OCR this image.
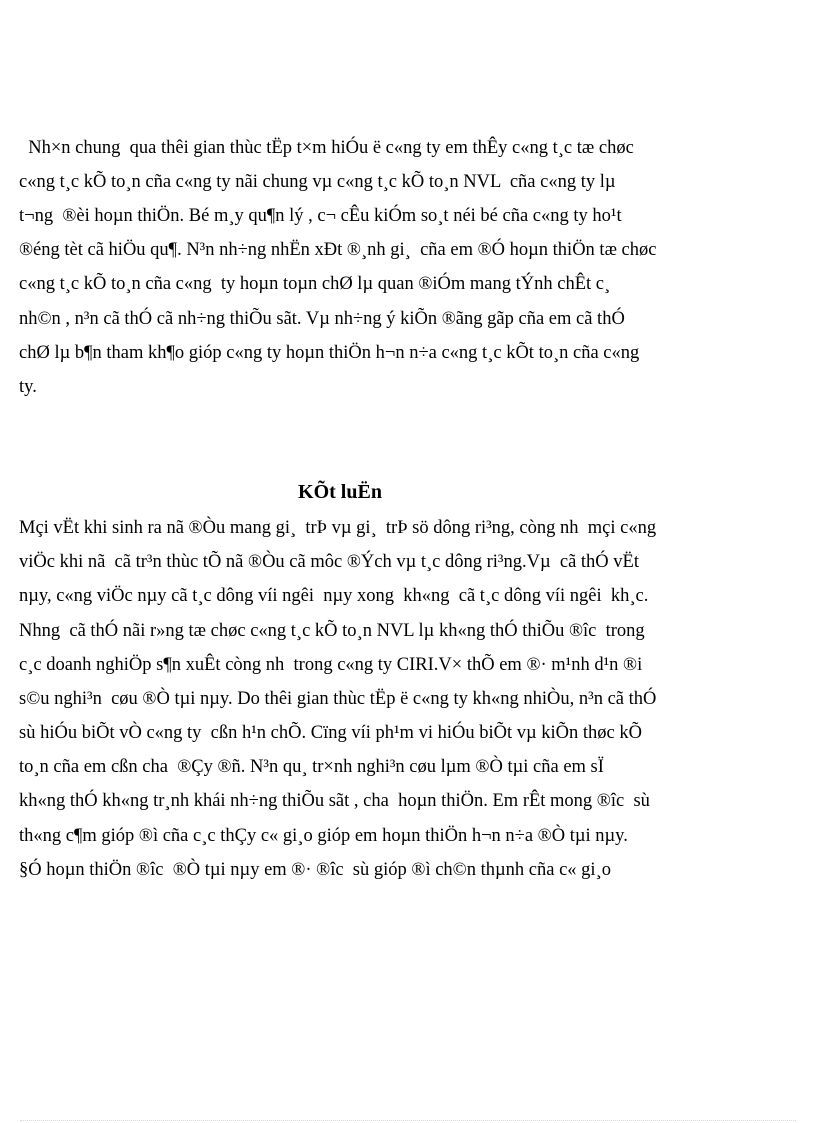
Nh×n chung  qua thêi gian thùc tËp t×m hiÓu ë c«ng ty em thÊy c«ng t¸c tæ chøc

c«ng t¸c kÕ to¸n cña c«ng ty nãi chung vµ c«ng t¸c kÕ to¸n NVL  cña c«ng ty lµ

t¬ng  ®èi hoµn thiÖn. Bé m¸y qu¶n lý , c¬ cÊu kiÓm so¸t néi bé cña c«ng ty ho¹t

®éng tèt cã hiÖu qu¶. N³n nh÷ng nhËn xÐt ®¸nh gi¸  cña em ®Ó hoµn thiÖn tæ chøc

c«ng t¸c kÕ to¸n cña c«ng  ty hoµn toµn chØ lµ quan ®iÓm mang tÝnh chÊt c¸

nh©n , n³n cã thÓ cã nh÷ng thiÕu sãt. Vµ nh÷ng ý kiÕn ®ãng gãp cña em cã thÓ

chØ lµ b¶n tham kh¶o gióp c«ng ty hoµn thiÖn h¬n n÷a c«ng t¸c kÕt to¸n cña c«ng

ty.

KÕt luËn

Mçi vËt khi sinh ra nã ®Òu mang gi¸  trÞ vµ gi¸  trÞ sö dông ri³ng, còng nh  mçi c«ng

viÖc khi nã  cã tr³n thùc tÕ nã ®Òu cã môc ®Ých vµ t¸c dông ri³ng.Vµ  cã thÓ vËt

nµy, c«ng viÖc nµy cã t¸c dông víi ngêi  nµy xong  kh«ng  cã t¸c dông víi ngêi  kh¸c.

Nhng  cã thÓ nãi r»ng tæ chøc c«ng t¸c kÕ to¸n NVL lµ kh«ng thÓ thiÕu ®îc  trong

c¸c doanh nghiÖp s¶n xuÊt còng nh  trong c«ng ty CIRI.V× thÕ em ®· m¹nh d¹n ®i

s©u nghi³n  cøu ®Ò tµi nµy. Do thêi gian thùc tËp ë c«ng ty kh«ng nhiÒu, n³n cã thÓ

sù hiÓu biÕt vÒ c«ng ty  cßn h¹n chÕ. Cïng víi ph¹m vi hiÓu biÕt vµ kiÕn thøc kÕ

to¸n cña em cßn cha  ®Çy ®ñ. N³n qu¸ tr×nh nghi³n cøu lµm ®Ò tµi cña em sÏ

kh«ng thÓ kh«ng tr¸nh khái nh÷ng thiÕu sãt , cha  hoµn thiÖn. Em rÊt mong ®îc  sù

th«ng c¶m gióp ®ì cña c¸c thÇy c« gi¸o gióp em hoµn thiÖn h¬n n÷a ®Ò tµi nµy.

§Ó hoµn thiÖn ®îc  ®Ò tµi nµy em ®· ®îc  sù gióp ®ì ch©n thµnh cña c« gi¸o
